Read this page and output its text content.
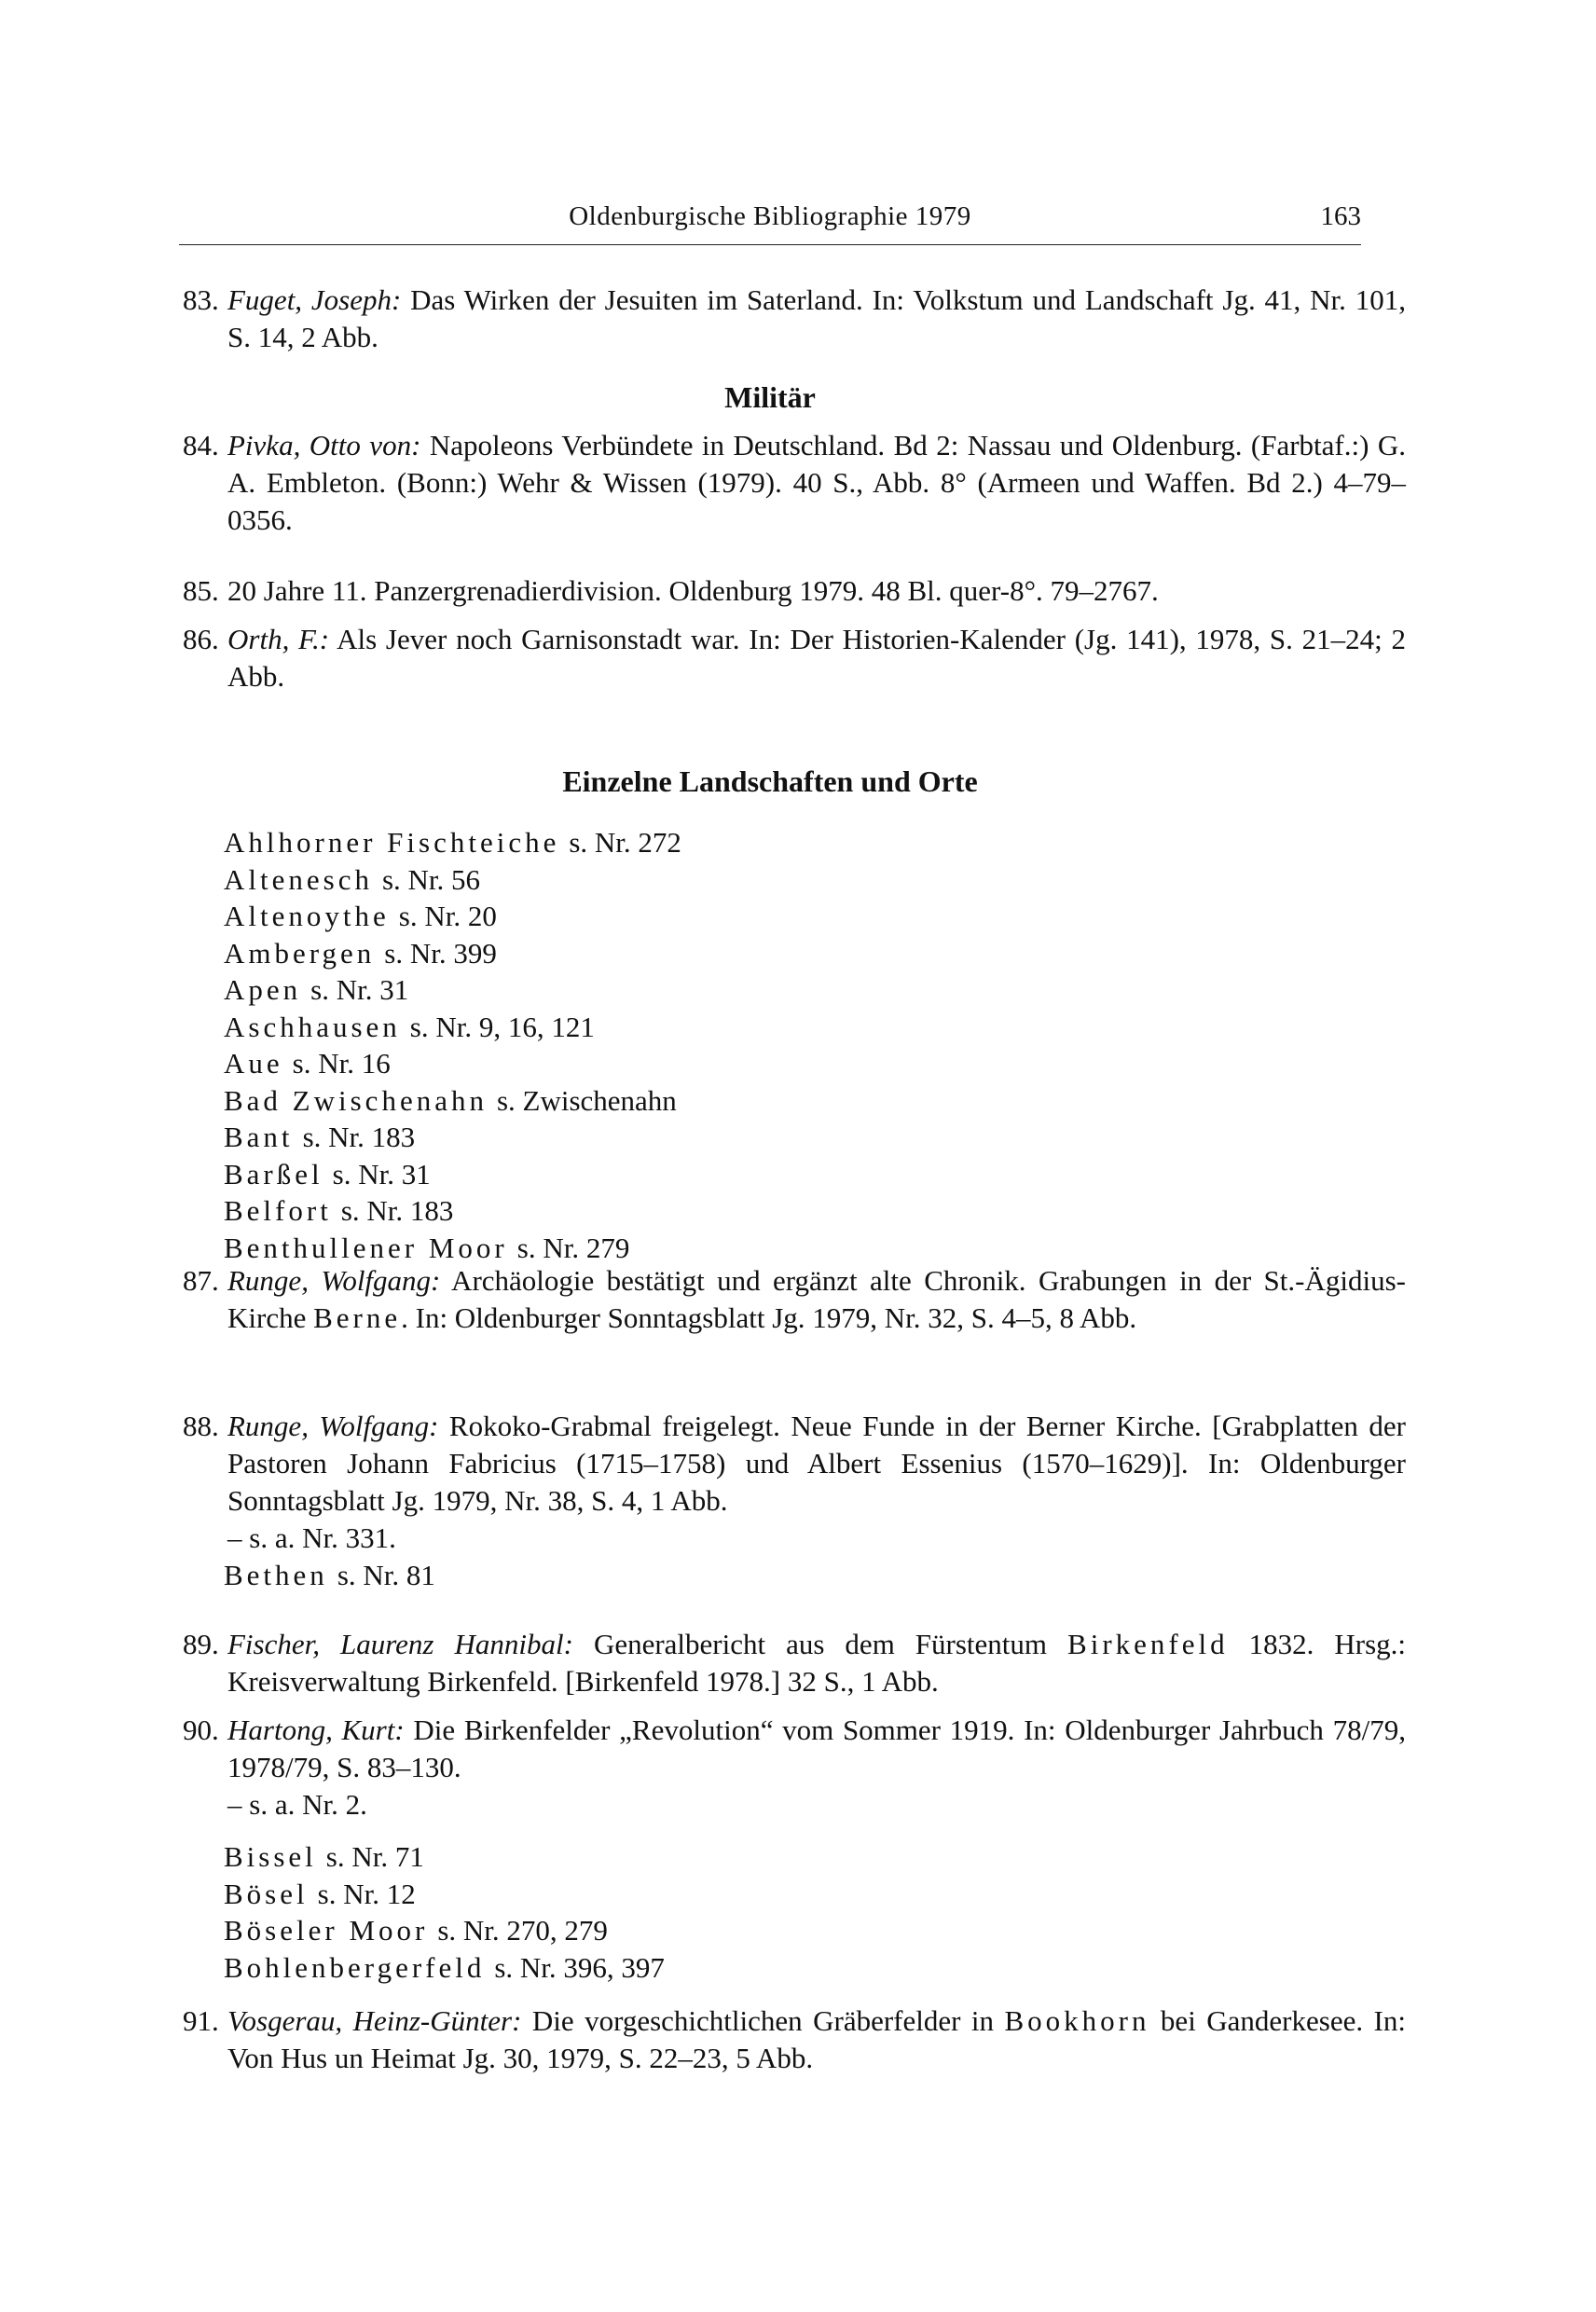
Oldenburgische Bibliographie 1979	163
83. Fuget, Joseph: Das Wirken der Jesuiten im Saterland. In: Volkstum und Landschaft Jg. 41, Nr. 101, S. 14, 2 Abb.
Militär
84. Pivka, Otto von: Napoleons Verbündete in Deutschland. Bd 2: Nassau und Oldenburg. (Farbtaf.:) G. A. Embleton. (Bonn:) Wehr & Wissen (1979). 40 S., Abb. 8° (Armeen und Waffen. Bd 2.) 4–79–0356.
85. 20 Jahre 11. Panzergrenadierdivision. Oldenburg 1979. 48 Bl. quer-8°. 79–2767.
86. Orth, F.: Als Jever noch Garnisonstadt war. In: Der Historien-Kalender (Jg. 141), 1978, S. 21–24; 2 Abb.
Einzelne Landschaften und Orte
Ahlhorner Fischteiche s. Nr. 272
Altenesch s. Nr. 56
Altenoythe s. Nr. 20
Ambergen s. Nr. 399
Apen s. Nr. 31
Aschhausen s. Nr. 9, 16, 121
Aue s. Nr. 16
Bad Zwischenahn s. Zwischenahn
Bant s. Nr. 183
Barßel s. Nr. 31
Belfort s. Nr. 183
Benthullener Moor s. Nr. 279
87. Runge, Wolfgang: Archäologie bestätigt und ergänzt alte Chronik. Grabungen in der St.-Ägidius-Kirche Berne. In: Oldenburger Sonntagsblatt Jg. 1979, Nr. 32, S. 4–5, 8 Abb.
88. Runge, Wolfgang: Rokoko-Grabmal freigelegt. Neue Funde in der Berner Kirche. [Grabplatten der Pastoren Johann Fabricius (1715–1758) und Albert Essenius (1570–1629)]. In: Oldenburger Sonntagsblatt Jg. 1979, Nr. 38, S. 4, 1 Abb.
– s. a. Nr. 331.
Bethen s. Nr. 81
89. Fischer, Laurenz Hannibal: Generalbericht aus dem Fürstentum Birkenfeld 1832. Hrsg.: Kreisverwaltung Birkenfeld. [Birkenfeld 1978.] 32 S., 1 Abb.
90. Hartong, Kurt: Die Birkenfelder „Revolution“ vom Sommer 1919. In: Oldenburger Jahrbuch 78/79, 1978/79, S. 83–130.
– s. a. Nr. 2.
Bissel s. Nr. 71
Bösel s. Nr. 12
Böseler Moor s. Nr. 270, 279
Bohlenbergerfeld s. Nr. 396, 397
91. Vosgerau, Heinz-Günter: Die vorgeschichtlichen Gräberfelder in Bookhorn bei Ganderkesee. In: Von Hus un Heimat Jg. 30, 1979, S. 22–23, 5 Abb.
